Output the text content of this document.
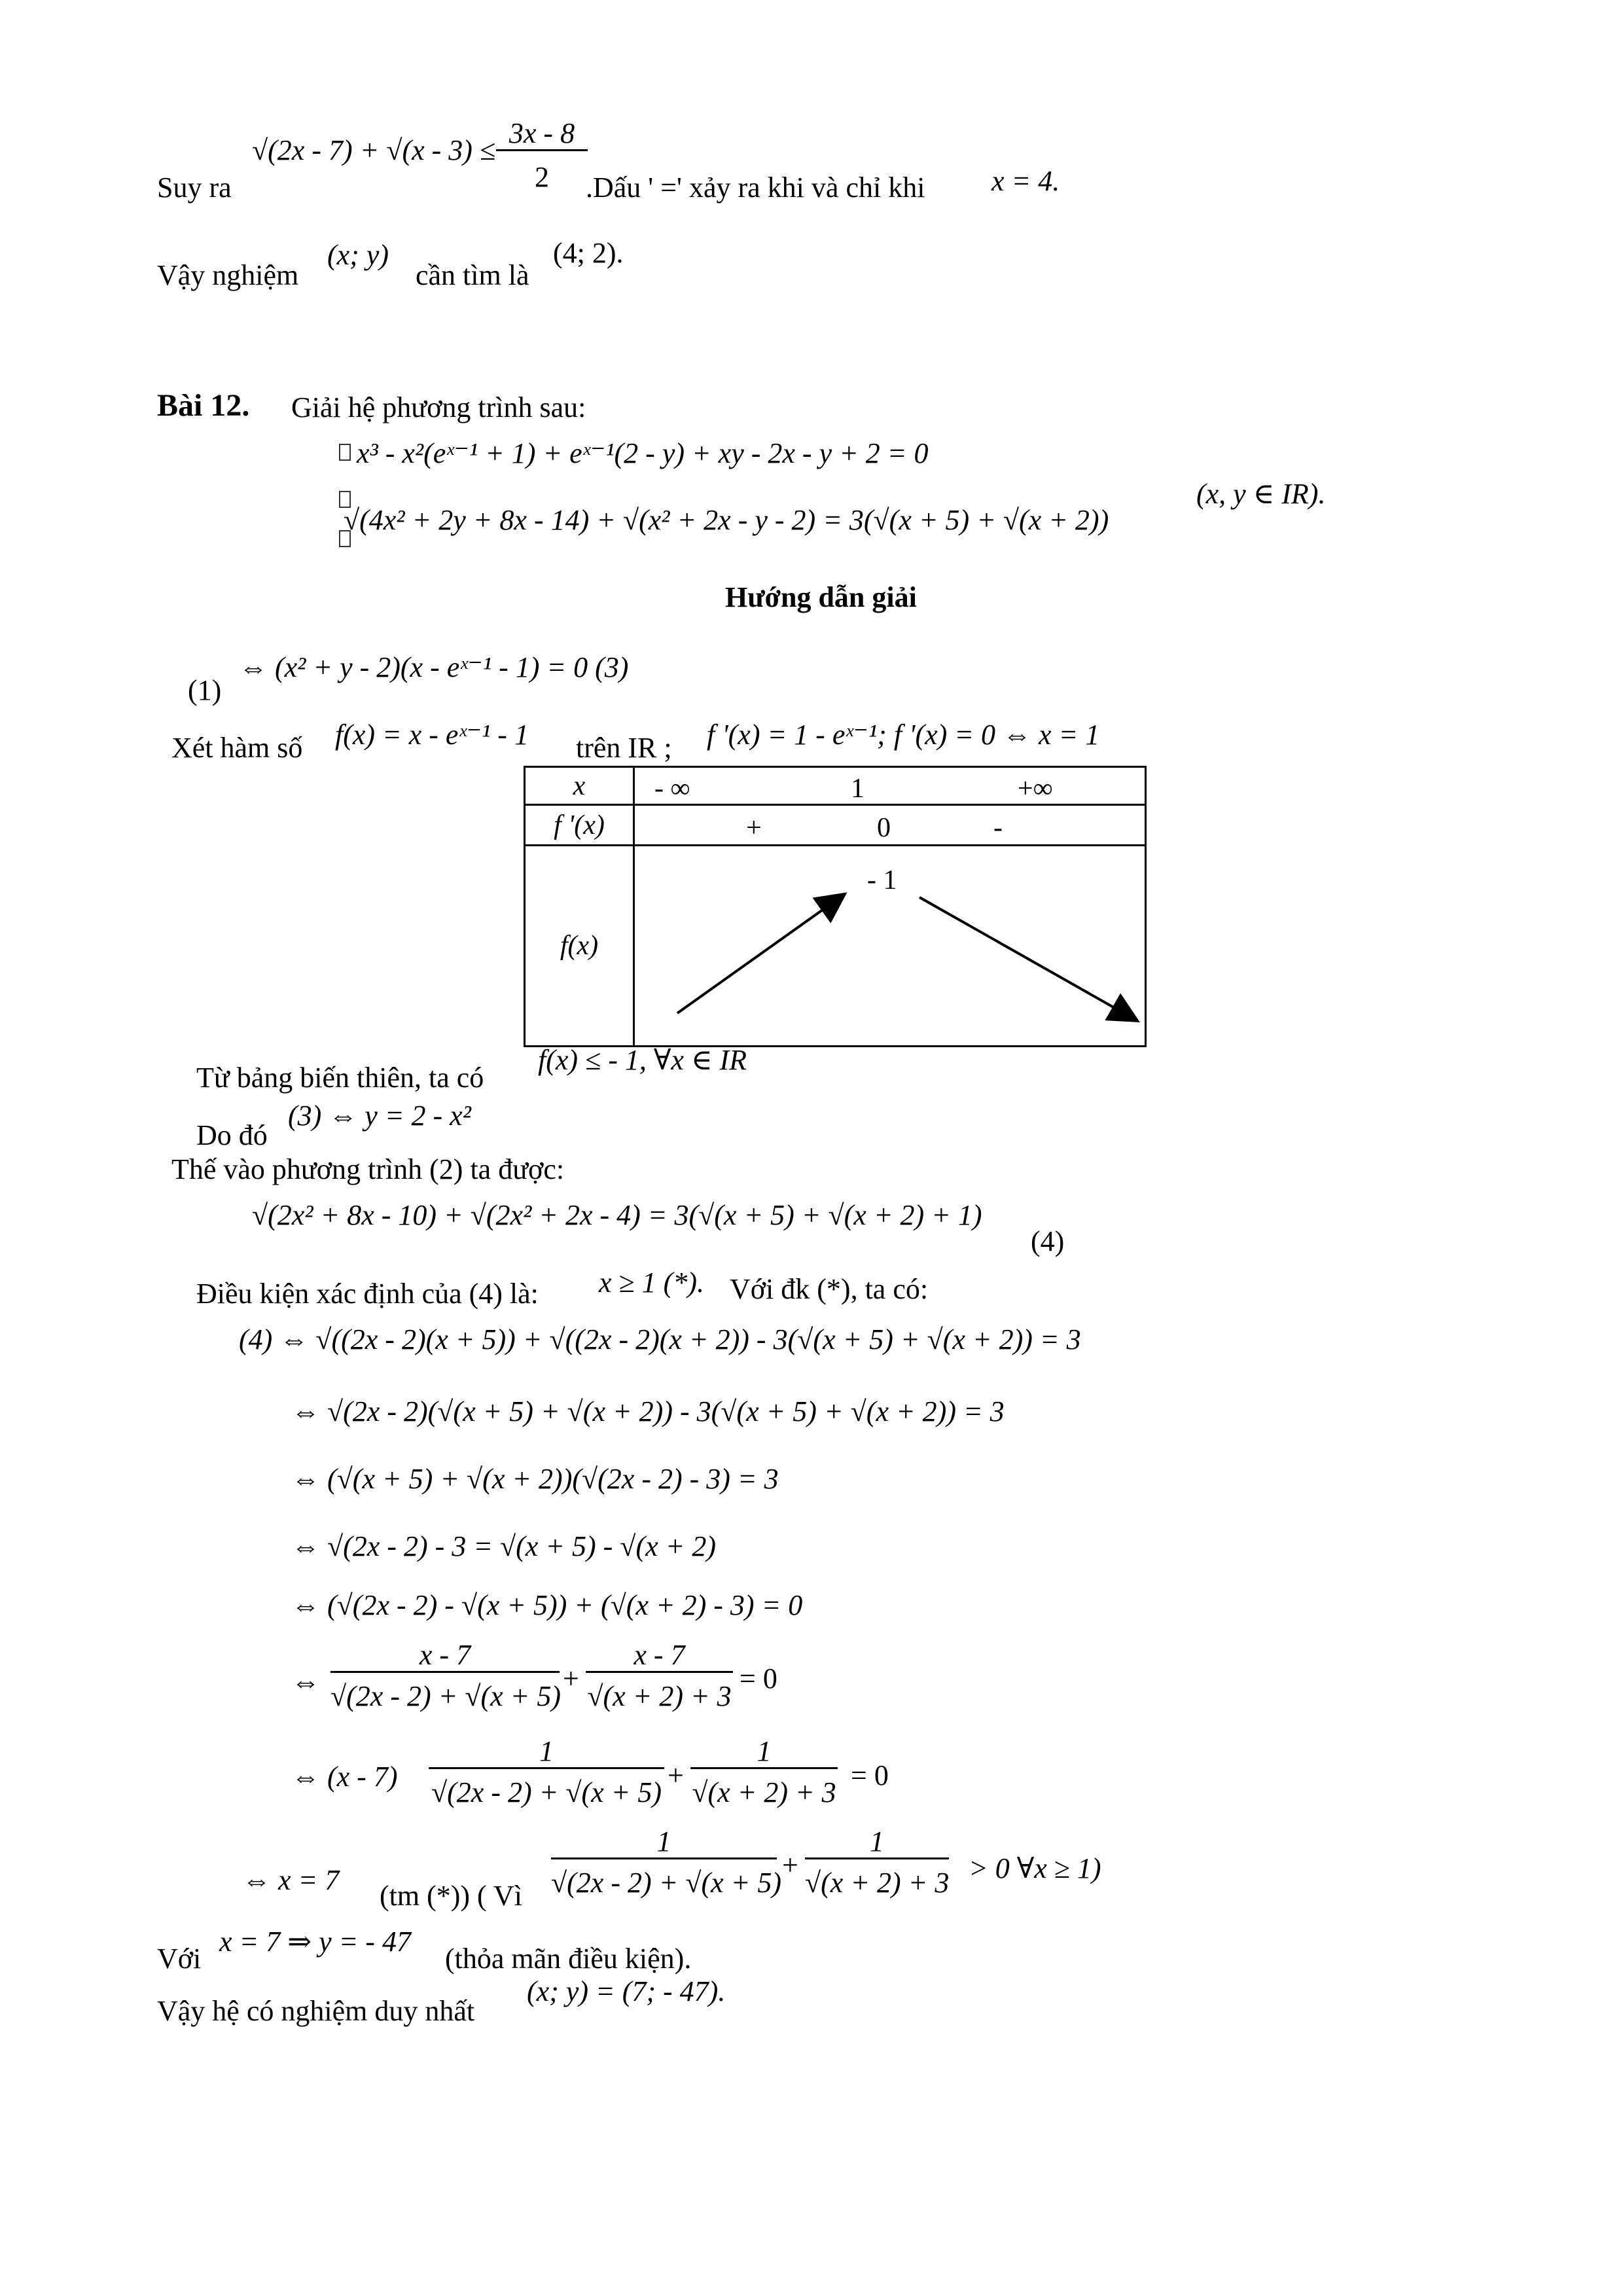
Suy ra
$√(2x - 7) + √(x - 3) \le \frac{3x - 8}{2}$
.Dấu ' =' xảy ra khi và chỉ khi x = 4.
Vậy nghiệm
(x; y)
cần tìm là
(4; 2).
Bài 12. Giải hệ phương trình sau:
x³ - x²(eˣ⁻¹ + 1) + eˣ⁻¹(2 - y) + xy - 2x - y + 2 = 0
√(4x² + 2y + 8x - 14) + √(x² + 2x - y - 2) = 3(√(x + 5) + √(x + 2))
(x, y ∈ IR).
Hướng dẫn giải
(1)
⇔ (x² + y - 2)(x - eˣ⁻¹ - 1) = 0 (3)
Xét hàm số f(x) = x - eˣ⁻¹ - 1 trên IR ; f '(x) = 1 - eˣ⁻¹; f '(x) = 0 ⇔ x = 1
x	- ∞ 1 +∞

f '(x)	+ 0 -

f(x)	- 1
Từ bảng biến thiên, ta có
f(x) ≤ - 1, ∀x ∈ IR
Do đó
(3) ⇔ y = 2 - x²
Thế vào phương trình (2) ta được:
√(2x² + 8x - 10) + √(2x² + 2x - 4) = 3(√(x + 5) + √(x + 2) + 1)
(4)
Điều kiện xác định của (4) là: x ≥ 1 (*). Với đk (*), ta có:
(4) ⇔ √((2x - 2)(x + 5)) + √((2x - 2)(x + 2)) - 3(√(x + 5) + √(x + 2)) = 3
⇔ √(2x - 2)(√(x + 5) + √(x + 2)) - 3(√(x + 5) + √(x + 2)) = 3
⇔ (√(x + 5) + √(x + 2))(√(2x - 2) - 3) = 3
⇔ √(2x - 2) - 3 = √(x + 5) - √(x + 2)
⇔ (√(2x - 2) - √(x + 5)) + (√(x + 2) - 3) = 0
⇔ $\frac{x - 7}{√(2x - 2) + √(x + 5)} + \frac{x - 7}{√(x + 2) + 3} = 0$
⇔ $(x - 7) \frac{1}{√(2x - 2) + √(x + 5)} + \frac{1}{√(x + 2) + 3} = 0$
⇔ x = 7 (tm (*)) ( Vì $\frac{1}{√(2x - 2) + √(x + 5)} + \frac{1}{√(x + 2) + 3} > 0$ ∀x ≥ 1)
Với
x = 7 ⇒ y = - 47
(thỏa mãn điều kiện).
Vậy hệ có nghiệm duy nhất
(x; y) = (7; - 47).
